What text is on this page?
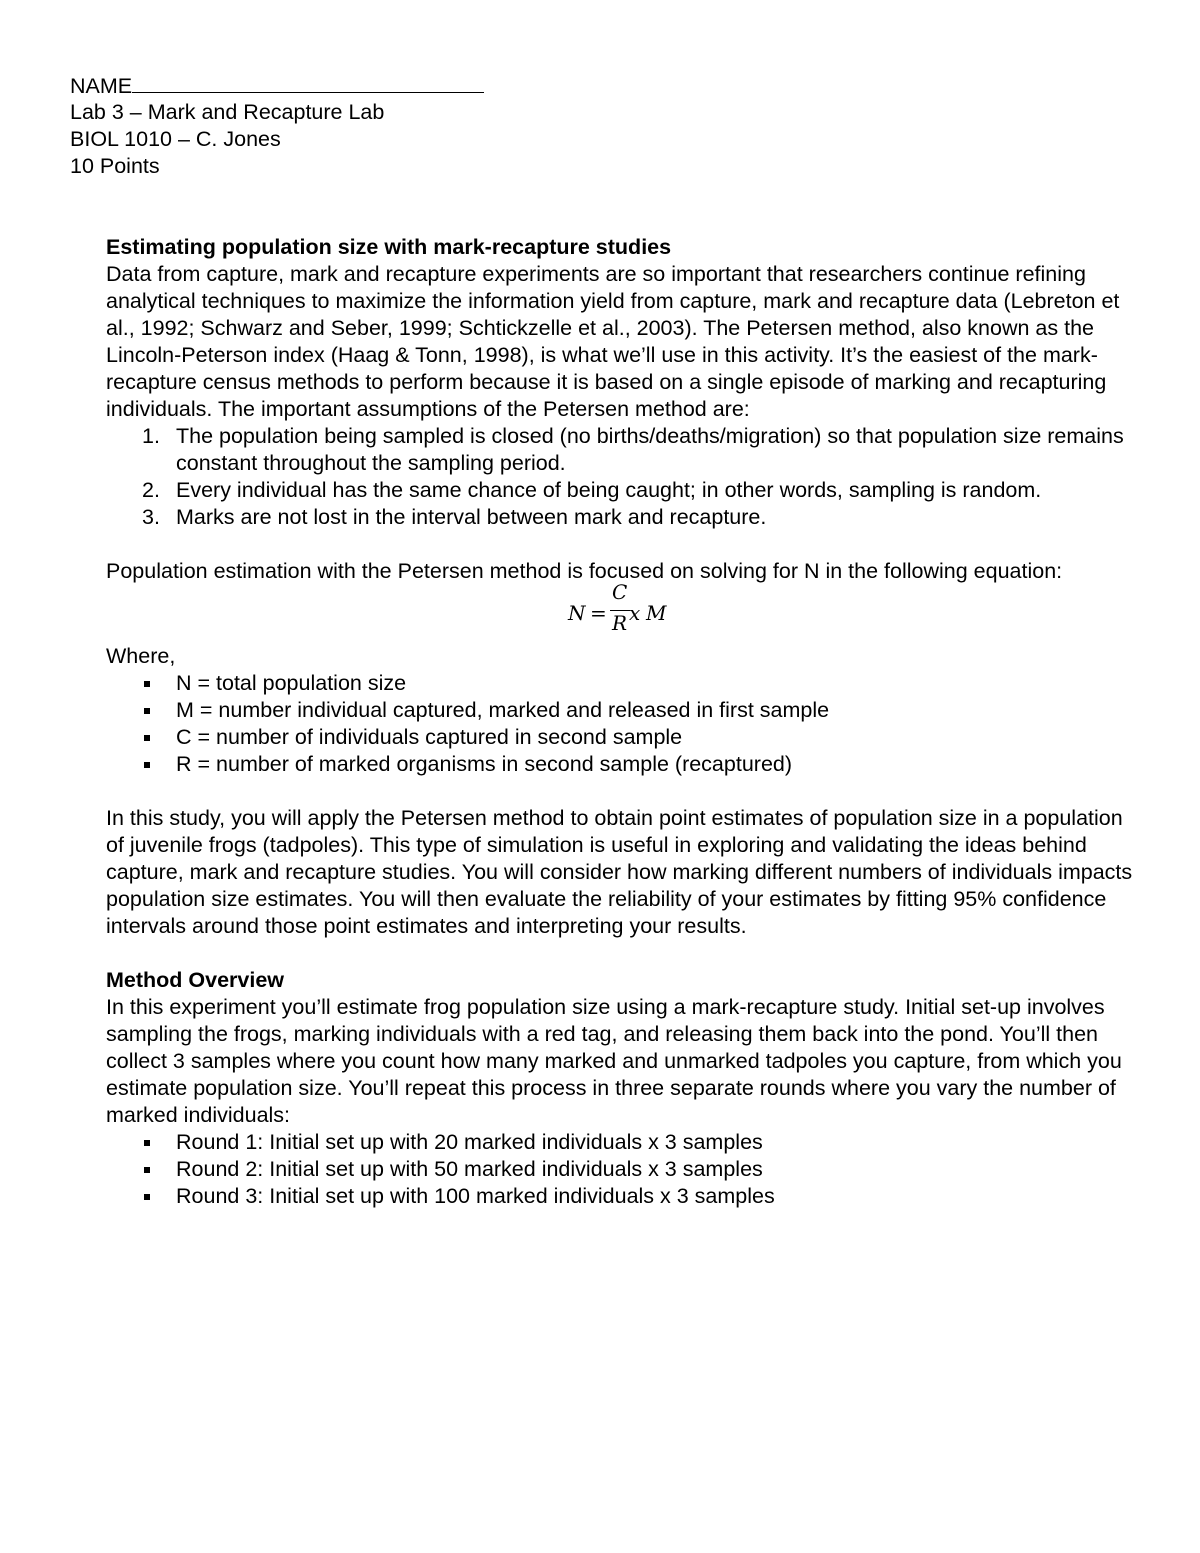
NAME
Lab 3 – Mark and Recapture Lab
BIOL 1010 – C. Jones
10 Points
Estimating population size with mark-recapture studies

Data from capture, mark and recapture experiments are so important that researchers continue refining analytical techniques to maximize the information yield from capture, mark and recapture data (Lebreton et al., 1992; Schwarz and Seber, 1999; Schtickzelle et al., 2003). The Petersen method, also known as the Lincoln-Peterson index (Haag & Tonn, 1998), is what we’ll use in this activity. It’s the easiest of the mark-recapture census methods to perform because it is based on a single episode of marking and recapturing individuals. The important assumptions of the Petersen method are:

1. The population being sampled is closed (no births/deaths/migration) so that population size remains constant throughout the sampling period.
2. Every individual has the same chance of being caught; in other words, sampling is random.
3. Marks are not lost in the interval between mark and recapture.

Population estimation with the Petersen method is focused on solving for N in the following equation:

N =
C
R x M

Where,

N = total population size
M = number individual captured, marked and released in first sample
C = number of individuals captured in second sample
R = number of marked organisms in second sample (recaptured)

In this study, you will apply the Petersen method to obtain point estimates of population size in a population of juvenile frogs (tadpoles). This type of simulation is useful in exploring and validating the ideas behind capture, mark and recapture studies. You will consider how marking different numbers of individuals impacts population size estimates. You will then evaluate the reliability of your estimates by fitting 95% confidence intervals around those point estimates and interpreting your results.

Method Overview

In this experiment you’ll estimate frog population size using a mark-recapture study. Initial set-up involves sampling the frogs, marking individuals with a red tag, and releasing them back into the pond. You’ll then collect 3 samples where you count how many marked and unmarked tadpoles you capture, from which you estimate population size. You’ll repeat this process in three separate rounds where you vary the number of marked individuals:

Round 1: Initial set up with 20 marked individuals x 3 samples
Round 2: Initial set up with 50 marked individuals x 3 samples
Round 3: Initial set up with 100 marked individuals x 3 samples
